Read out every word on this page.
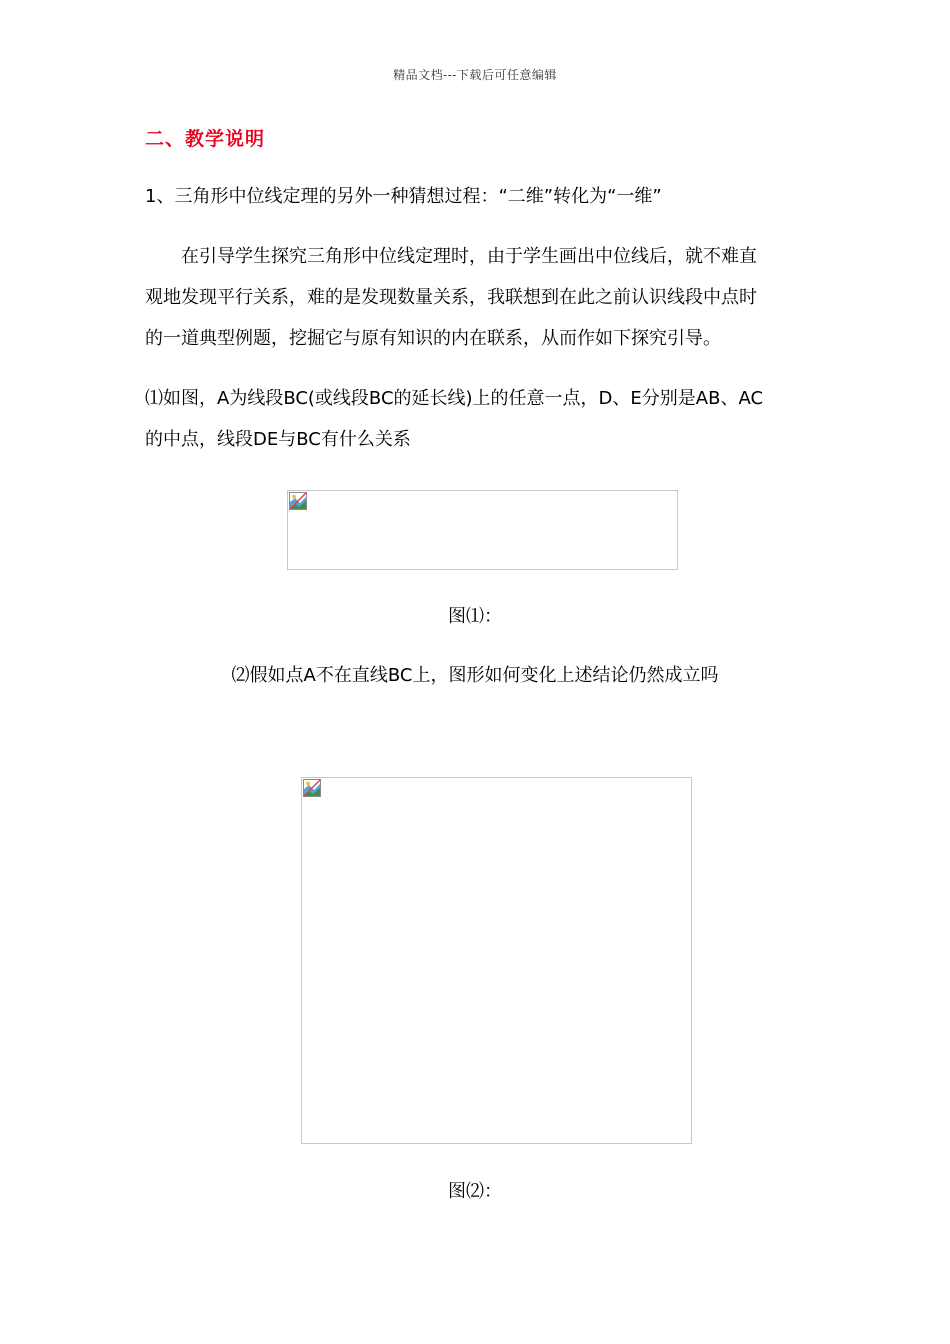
精品文档---下载后可任意编辑
二、教学说明
1、三角形中位线定理的另外一种猜想过程：“二维”转化为“一维”
在引导学生探究三角形中位线定理时，由于学生画出中位线后，就不难直
观地发现平行关系，难的是发现数量关系，我联想到在此之前认识线段中点时
的一道典型例题，挖掘它与原有知识的内在联系，从而作如下探究引导。
⑴如图，A为线段BC(或线段BC的延长线)上的任意一点，D、E分别是AB、AC
的中点，线段DE与BC有什么关系
图⑴：
⑵假如点A不在直线BC上，图形如何变化上述结论仍然成立吗
图⑵：
